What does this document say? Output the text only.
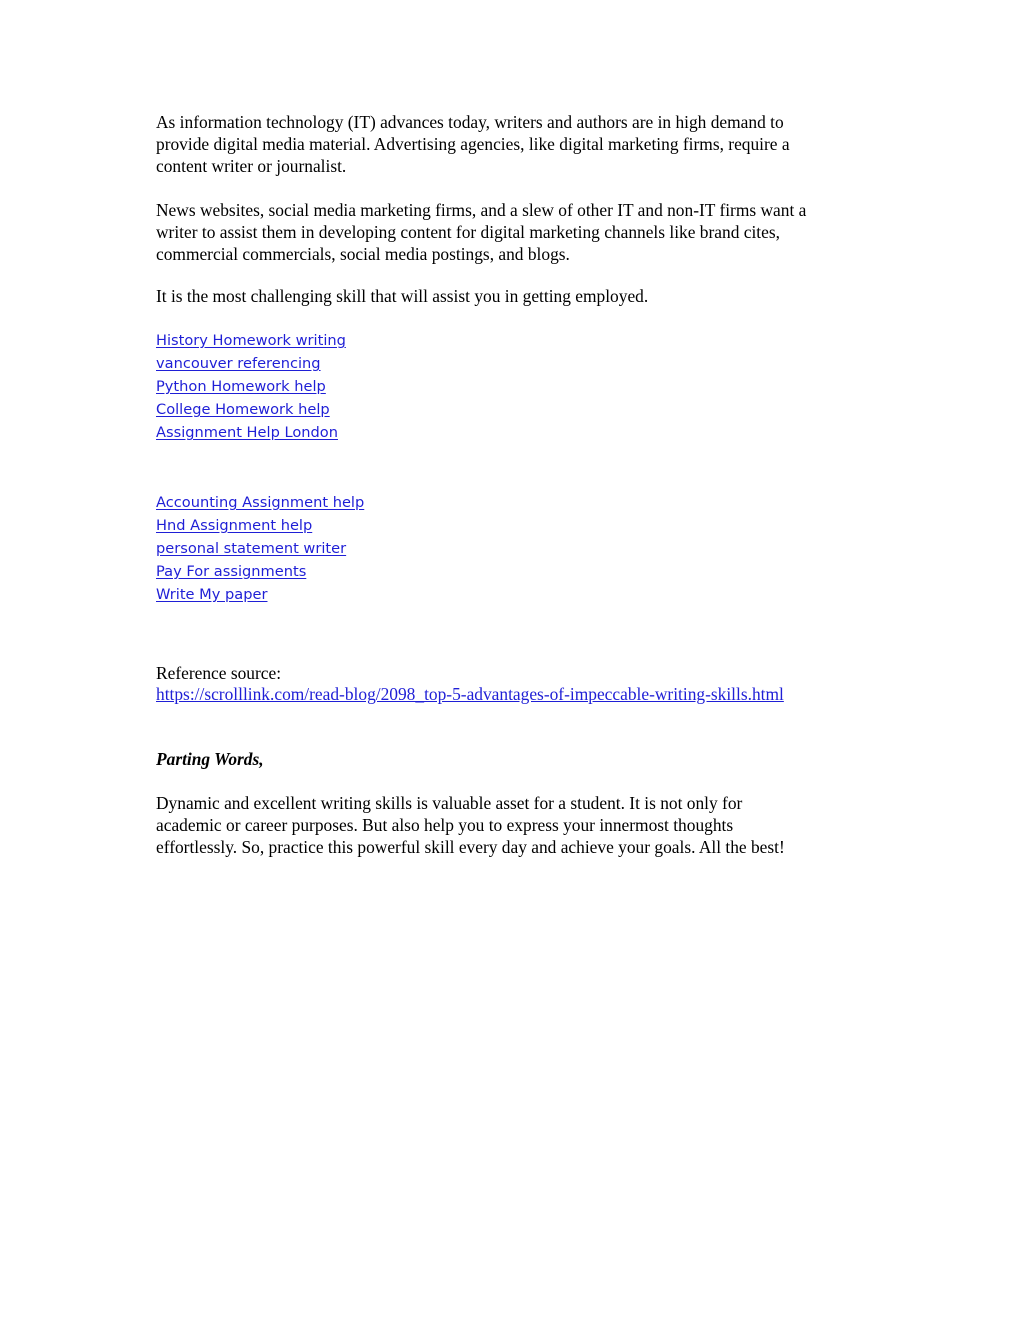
As information technology (IT) advances today, writers and authors are in high demand to
provide digital media material. Advertising agencies, like digital marketing firms, require a
content writer or journalist.

News websites, social media marketing firms, and a slew of other IT and non-IT firms want a
writer to assist them in developing content for digital marketing channels like brand cites,
commercial commercials, social media postings, and blogs.

It is the most challenging skill that will assist you in getting employed.

History Homework writing
vancouver referencing
Python Homework help
College Homework help
Assignment Help London
Accounting Assignment help
Hnd Assignment help
personal statement writer
Pay For assignments
Write My paper

Reference source:

https://scrolllink.com/read-blog/2098_top-5-advantages-of-impeccable-writing-skills.html

Parting Words,

Dynamic and excellent writing skills is valuable asset for a student. It is not only for
academic or career purposes. But also help you to express your innermost thoughts
effortlessly. So, practice this powerful skill every day and achieve your goals. All the best!
